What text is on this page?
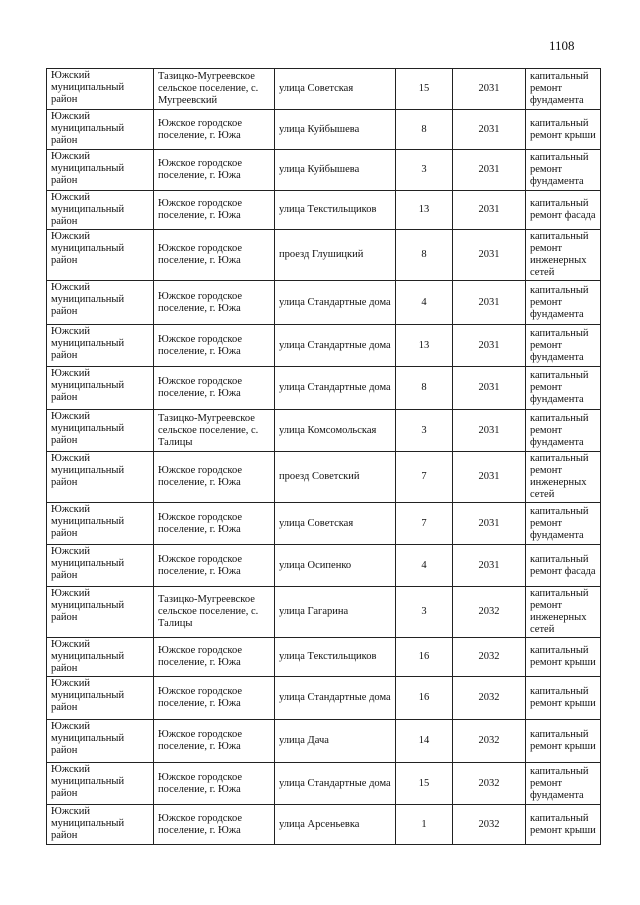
1108
Южский муниципальный район	Тазицко-Мугреевское сельское поселение, с. Мугреевский	улица Советская	15	2031	капитальный ремонт фундамента
Южский муниципальный район	Южское городское поселение, г. Южа	улица Куйбышева	8	2031	капитальный ремонт крыши
Южский муниципальный район	Южское городское поселение, г. Южа	улица Куйбышева	3	2031	капитальный ремонт фундамента
Южский муниципальный район	Южское городское поселение, г. Южа	улица Текстильщиков	13	2031	капитальный ремонт фасада
Южский муниципальный район	Южское городское поселение, г. Южа	проезд Глушицкий	8	2031	капитальный ремонт инженерных сетей
Южский муниципальный район	Южское городское поселение, г. Южа	улица Стандартные дома	4	2031	капитальный ремонт фундамента
Южский муниципальный район	Южское городское поселение, г. Южа	улица Стандартные дома	13	2031	капитальный ремонт фундамента
Южский муниципальный район	Южское городское поселение, г. Южа	улица Стандартные дома	8	2031	капитальный ремонт фундамента
Южский муниципальный район	Тазицко-Мугреевское сельское поселение, с. Талицы	улица Комсомольская	3	2031	капитальный ремонт фундамента
Южский муниципальный район	Южское городское поселение, г. Южа	проезд Советский	7	2031	капитальный ремонт инженерных сетей
Южский муниципальный район	Южское городское поселение, г. Южа	улица Советская	7	2031	капитальный ремонт фундамента
Южский муниципальный район	Южское городское поселение, г. Южа	улица Осипенко	4	2031	капитальный ремонт фасада
Южский муниципальный район	Тазицко-Мугреевское сельское поселение, с. Талицы	улица Гагарина	3	2032	капитальный ремонт инженерных сетей
Южский муниципальный район	Южское городское поселение, г. Южа	улица Текстильщиков	16	2032	капитальный ремонт крыши
Южский муниципальный район	Южское городское поселение, г. Южа	улица Стандартные дома	16	2032	капитальный ремонт крыши
Южский муниципальный район	Южское городское поселение, г. Южа	улица Дача	14	2032	капитальный ремонт крыши
Южский муниципальный район	Южское городское поселение, г. Южа	улица Стандартные дома	15	2032	капитальный ремонт фундамента
Южский муниципальный район	Южское городское поселение, г. Южа	улица Арсеньевка	1	2032	капитальный ремонт крыши
